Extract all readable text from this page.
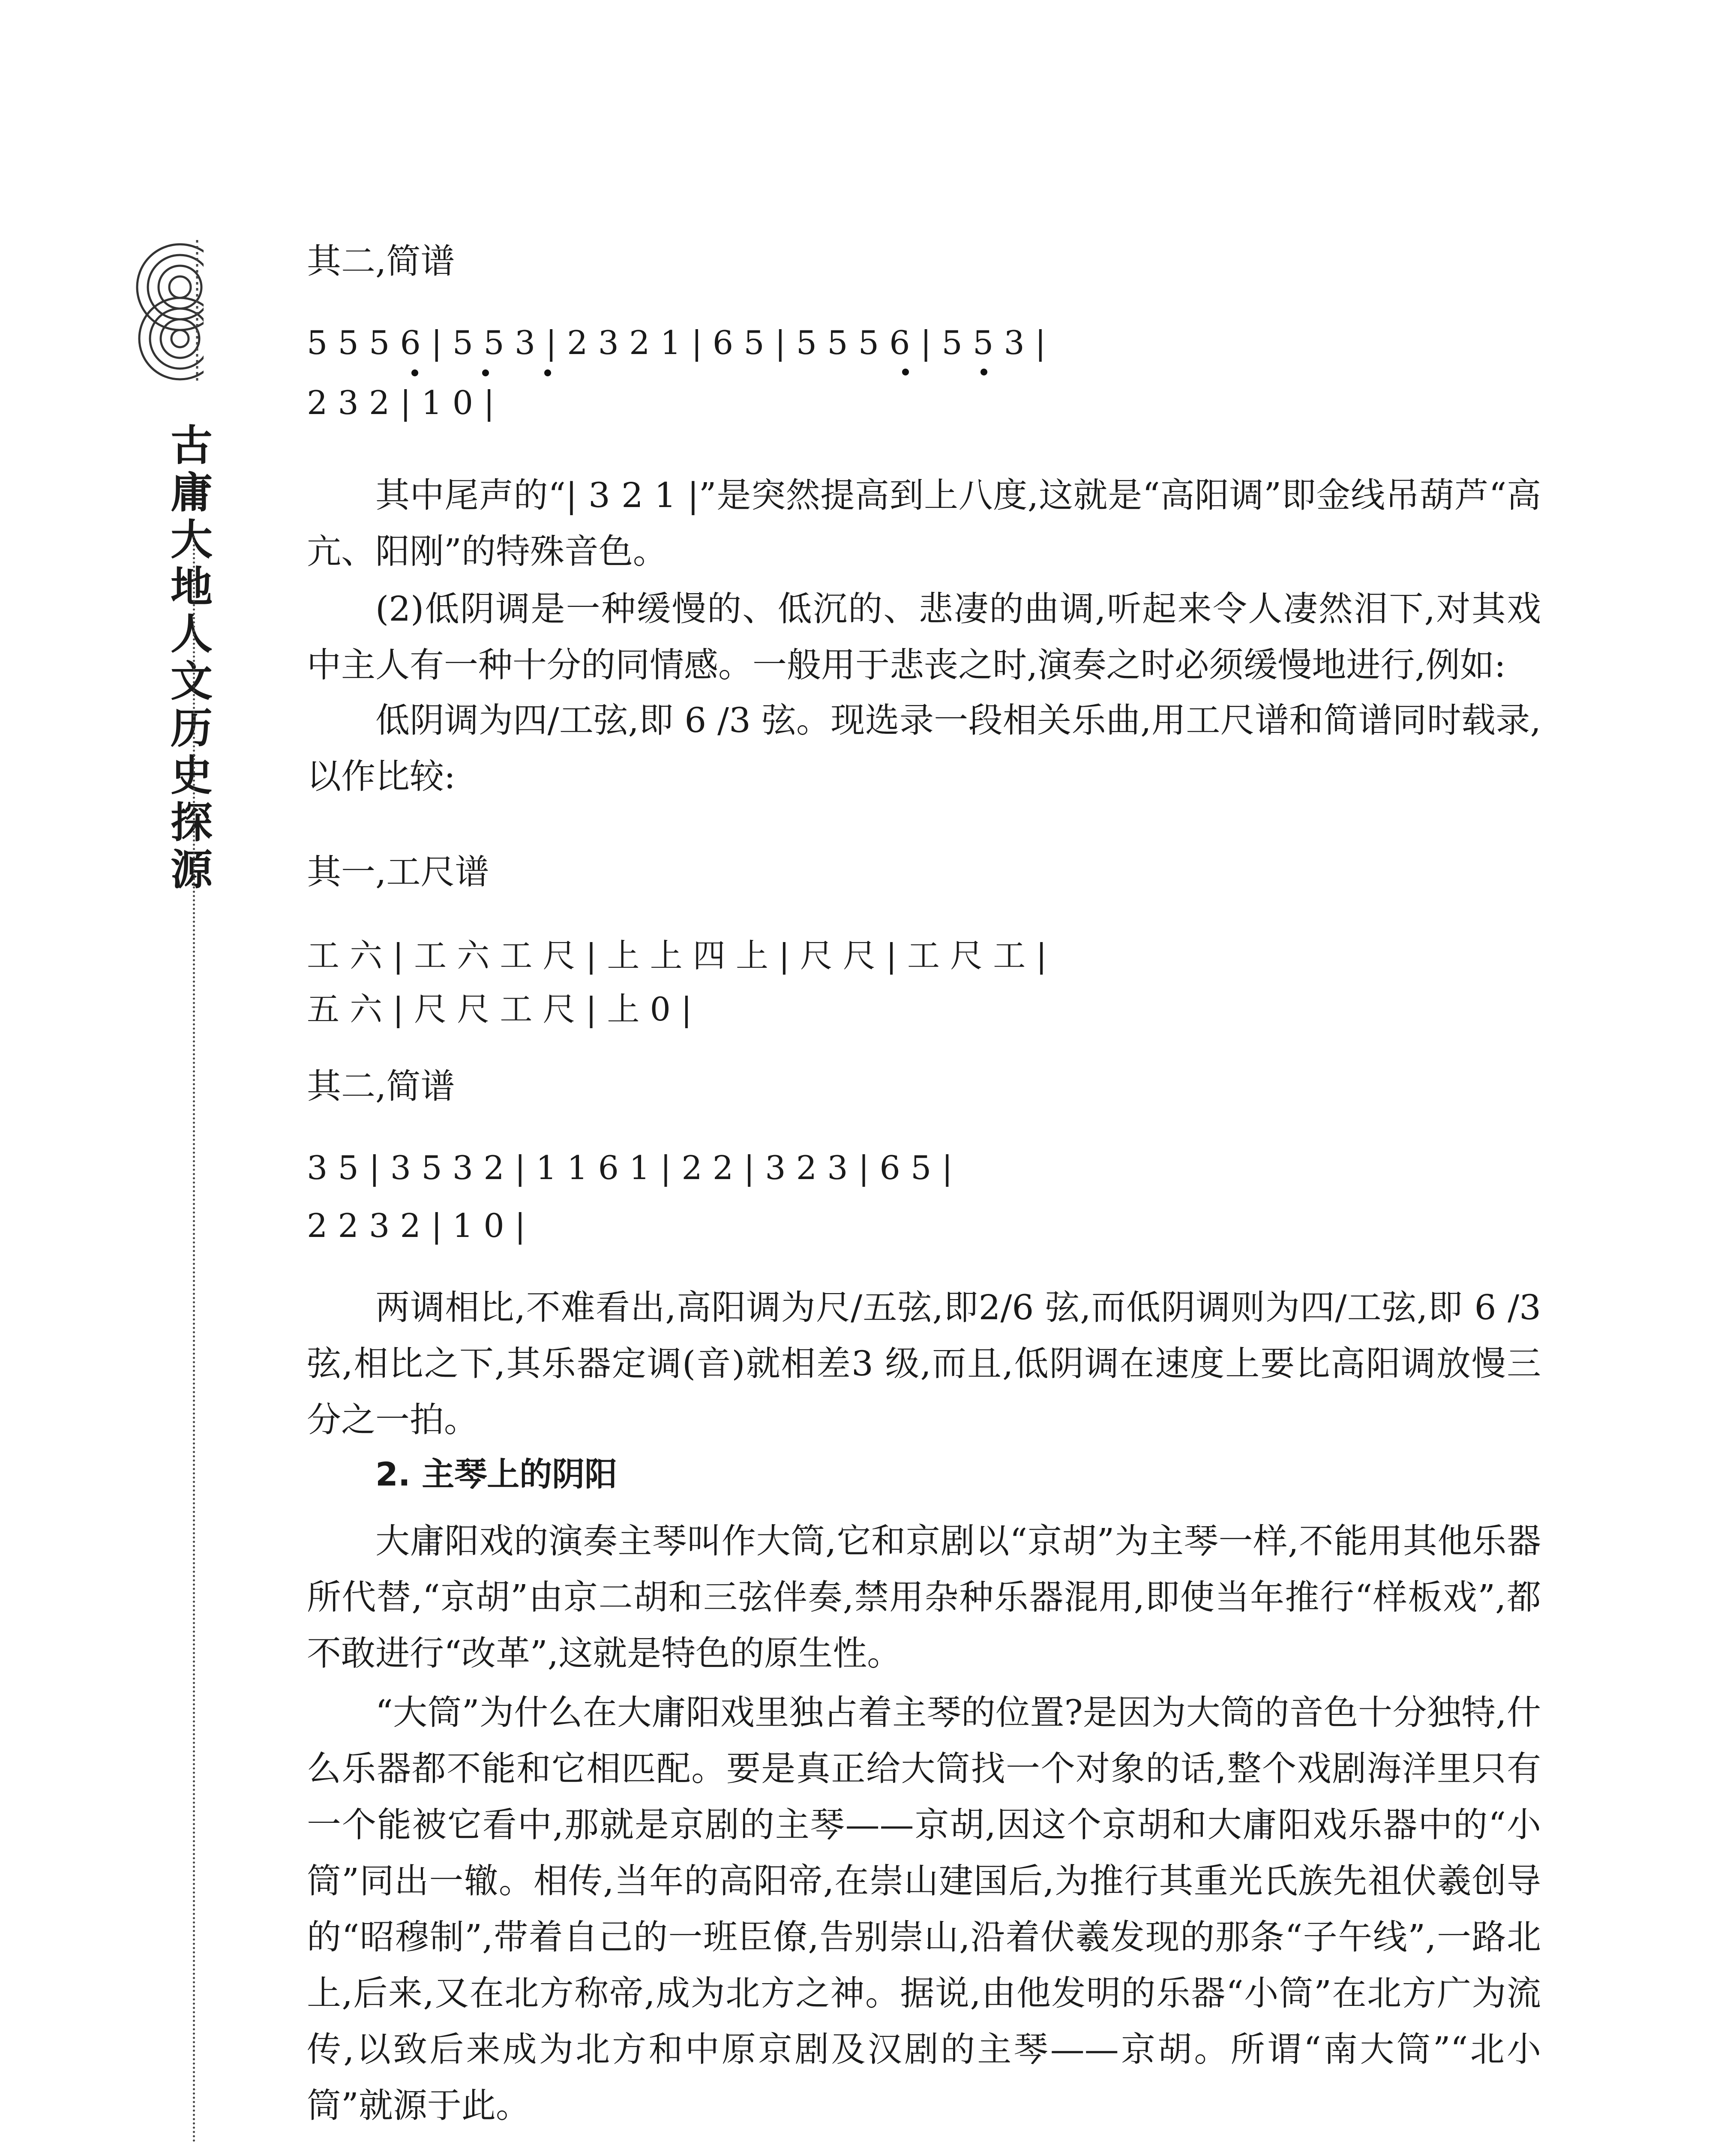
古庸大地人文历史探源
其二,简谱
5 5 5 6 | 5 5 3 | 2 3 2 1 | 6 5 | 5 5 5 6 | 5 5 3 |
2 3 2 | 1 0 |
其中尾声的“| 3 2 1 |”是突然提高到上八度,这就是“高阳调”即金线吊葫芦“高亢、阳刚”的特殊音色。
(2)低阴调是一种缓慢的、低沉的、悲凄的曲调,听起来令人凄然泪下,对其戏中主人有一种十分的同情感。一般用于悲丧之时,演奏之时必须缓慢地进行,例如:
低阴调为四/工弦,即 6 /3 弦。现选录一段相关乐曲,用工尺谱和简谱同时载录,以作比较:
其一,工尺谱
工 六 | 工 六 工 尺 | 上 上 四 上 | 尺 尺 | 工 尺 工 |
五 六 | 尺 尺 工 尺 | 上 0 |
其二,简谱
3 5 | 3 5 3 2 | 1 1 6 1 | 2 2 | 3 2 3 | 6 5 |
2 2 3 2 | 1 0 |
两调相比,不难看出,高阳调为尺/五弦,即2/6 弦,而低阴调则为四/工弦,即 6 /3 弦,相比之下,其乐器定调(音)就相差3 级,而且,低阴调在速度上要比高阳调放慢三分之一拍。
2. 主琴上的阴阳
大庸阳戏的演奏主琴叫作大筒,它和京剧以“京胡”为主琴一样,不能用其他乐器所代替,“京胡”由京二胡和三弦伴奏,禁用杂种乐器混用,即使当年推行“样板戏”,都不敢进行“改革”,这就是特色的原生性。
“大筒”为什么在大庸阳戏里独占着主琴的位置?是因为大筒的音色十分独特,什么乐器都不能和它相匹配。要是真正给大筒找一个对象的话,整个戏剧海洋里只有一个能被它看中,那就是京剧的主琴——京胡,因这个京胡和大庸阳戏乐器中的“小筒”同出一辙。相传,当年的高阳帝,在崇山建国后,为推行其重光氏族先祖伏羲创导的“昭穆制”,带着自己的一班臣僚,告别崇山,沿着伏羲发现的那条“子午线”,一路北上,后来,又在北方称帝,成为北方之神。据说,由他发明的乐器“小筒”在北方广为流传,以致后来成为北方和中原京剧及汉剧的主琴——京胡。所谓“南大筒”“北小筒”就源于此。
